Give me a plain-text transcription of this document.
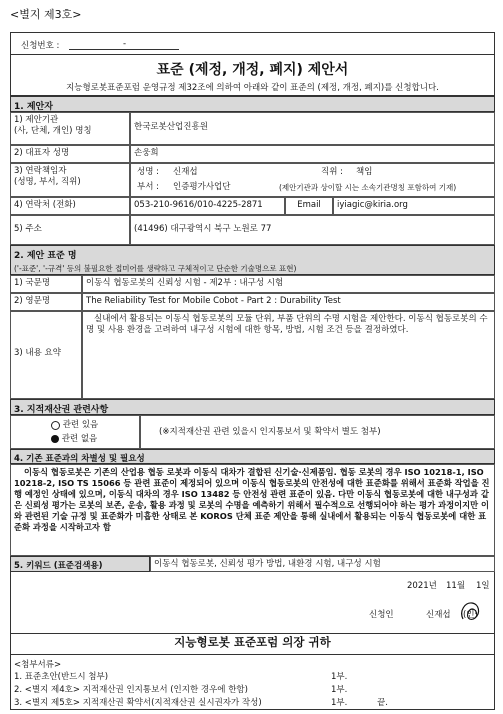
<별지 제3호>
신청번호 :	-
표준 (제정, 개정, 폐지) 제안서
지능형로봇표준포럼 운영규정 제32조에 의하여 아래와 같이 표준의 (제정, 개정, 폐지)를 신청합니다.
1. 제안자
1) 제안기관
(사, 단체, 개인) 명칭	한국로봇산업진흥원
2) 대표자 성명	손웅희
3) 연락책임자
(성명, 부서, 직위)
성명 : 신재섭	직위 : 책임
부서 : 인증평가사업단	(제안기관과 상이할 시는 소속기관명칭 포함하여 기재)
4) 연락처 (전화)	053-210-9616/010-4225-2871	Email	iyiagic@kiria.org
5) 주소	(41496) 대구광역시 북구 노원로 77
2. 제안 표준 명
('-표준', '-규격' 등의 불필요한 접미어를 생략하고 구체적이고 단순한 기술명으로 표현)
1) 국문명	이동식 협동로봇의 신뢰성 시험 - 제2부 : 내구성 시험
2) 영문명	The Reliability Test for Mobile Cobot - Part 2 : Durability Test
3) 내용 요약
실내에서 활용되는 이동식 협동로봇의 모듈 단위, 부품 단위의 수명 시험을 제안한다. 이동식 협동로봇의 수명 및 사용 환경을 고려하여 내구성 시험에 대한 항목, 방법, 시험 조건 등을 결정하였다.
3. 지적재산권 관련사항
관련 있음
관련 없음
(※지적재산권 관련 있을시 인지통보서 및 확약서 별도 첨부)
4. 기존 표준과의 차별성 및 필요성
이동식 협동로봇은 기존의 산업용 협동 로봇과 이동식 대차가 결합된 신기술·신제품임. 협동 로봇의 경우 ISO 10218-1, ISO 10218-2, ISO TS 15066 등 관련 표준이 제정되어 있으며 이동식 협동로봇의 안전성에 대한 표준화를 위해서 표준화 작업을 진행 예정인 상태에 있으며, 이동식 대차의 경우 ISO 13482 등 안전성 관련 표준이 있음. 다만 이동식 협동로봇에 대한 내구성과 같은 신뢰성 평가는 로봇의 보존, 운송, 활용 과정 및 로봇의 수명을 예측하기 위해서 필수적으로 선행되어야 하는 평가 과정이지만 이와 관련된 기술 규정 및 표준화가 미흡한 상태로 본 KOROS 단체 표준 제안을 통해 실내에서 활용되는 이동식 협동로봇에 대한 표준화 과정을 시작하고자 함
5. 키워드 (표준검색용)	이동식 협동로봇, 신뢰성 평가 방법, 내환경 시험, 내구성 시험
2021년 11월 1일
신청인	신재섭 (인)
지능형로봇 표준포럼 의장 귀하
<첨부서류>
1. 표준초안(반드시 첨부)	1부.
2. <별지 제4호> 지적재산권 인지통보서 (인지한 경우에 한함)	1부.
3. <별지 제5호> 지적재산권 확약서(지적재산권 실시권자가 작성)	1부.	끝.
